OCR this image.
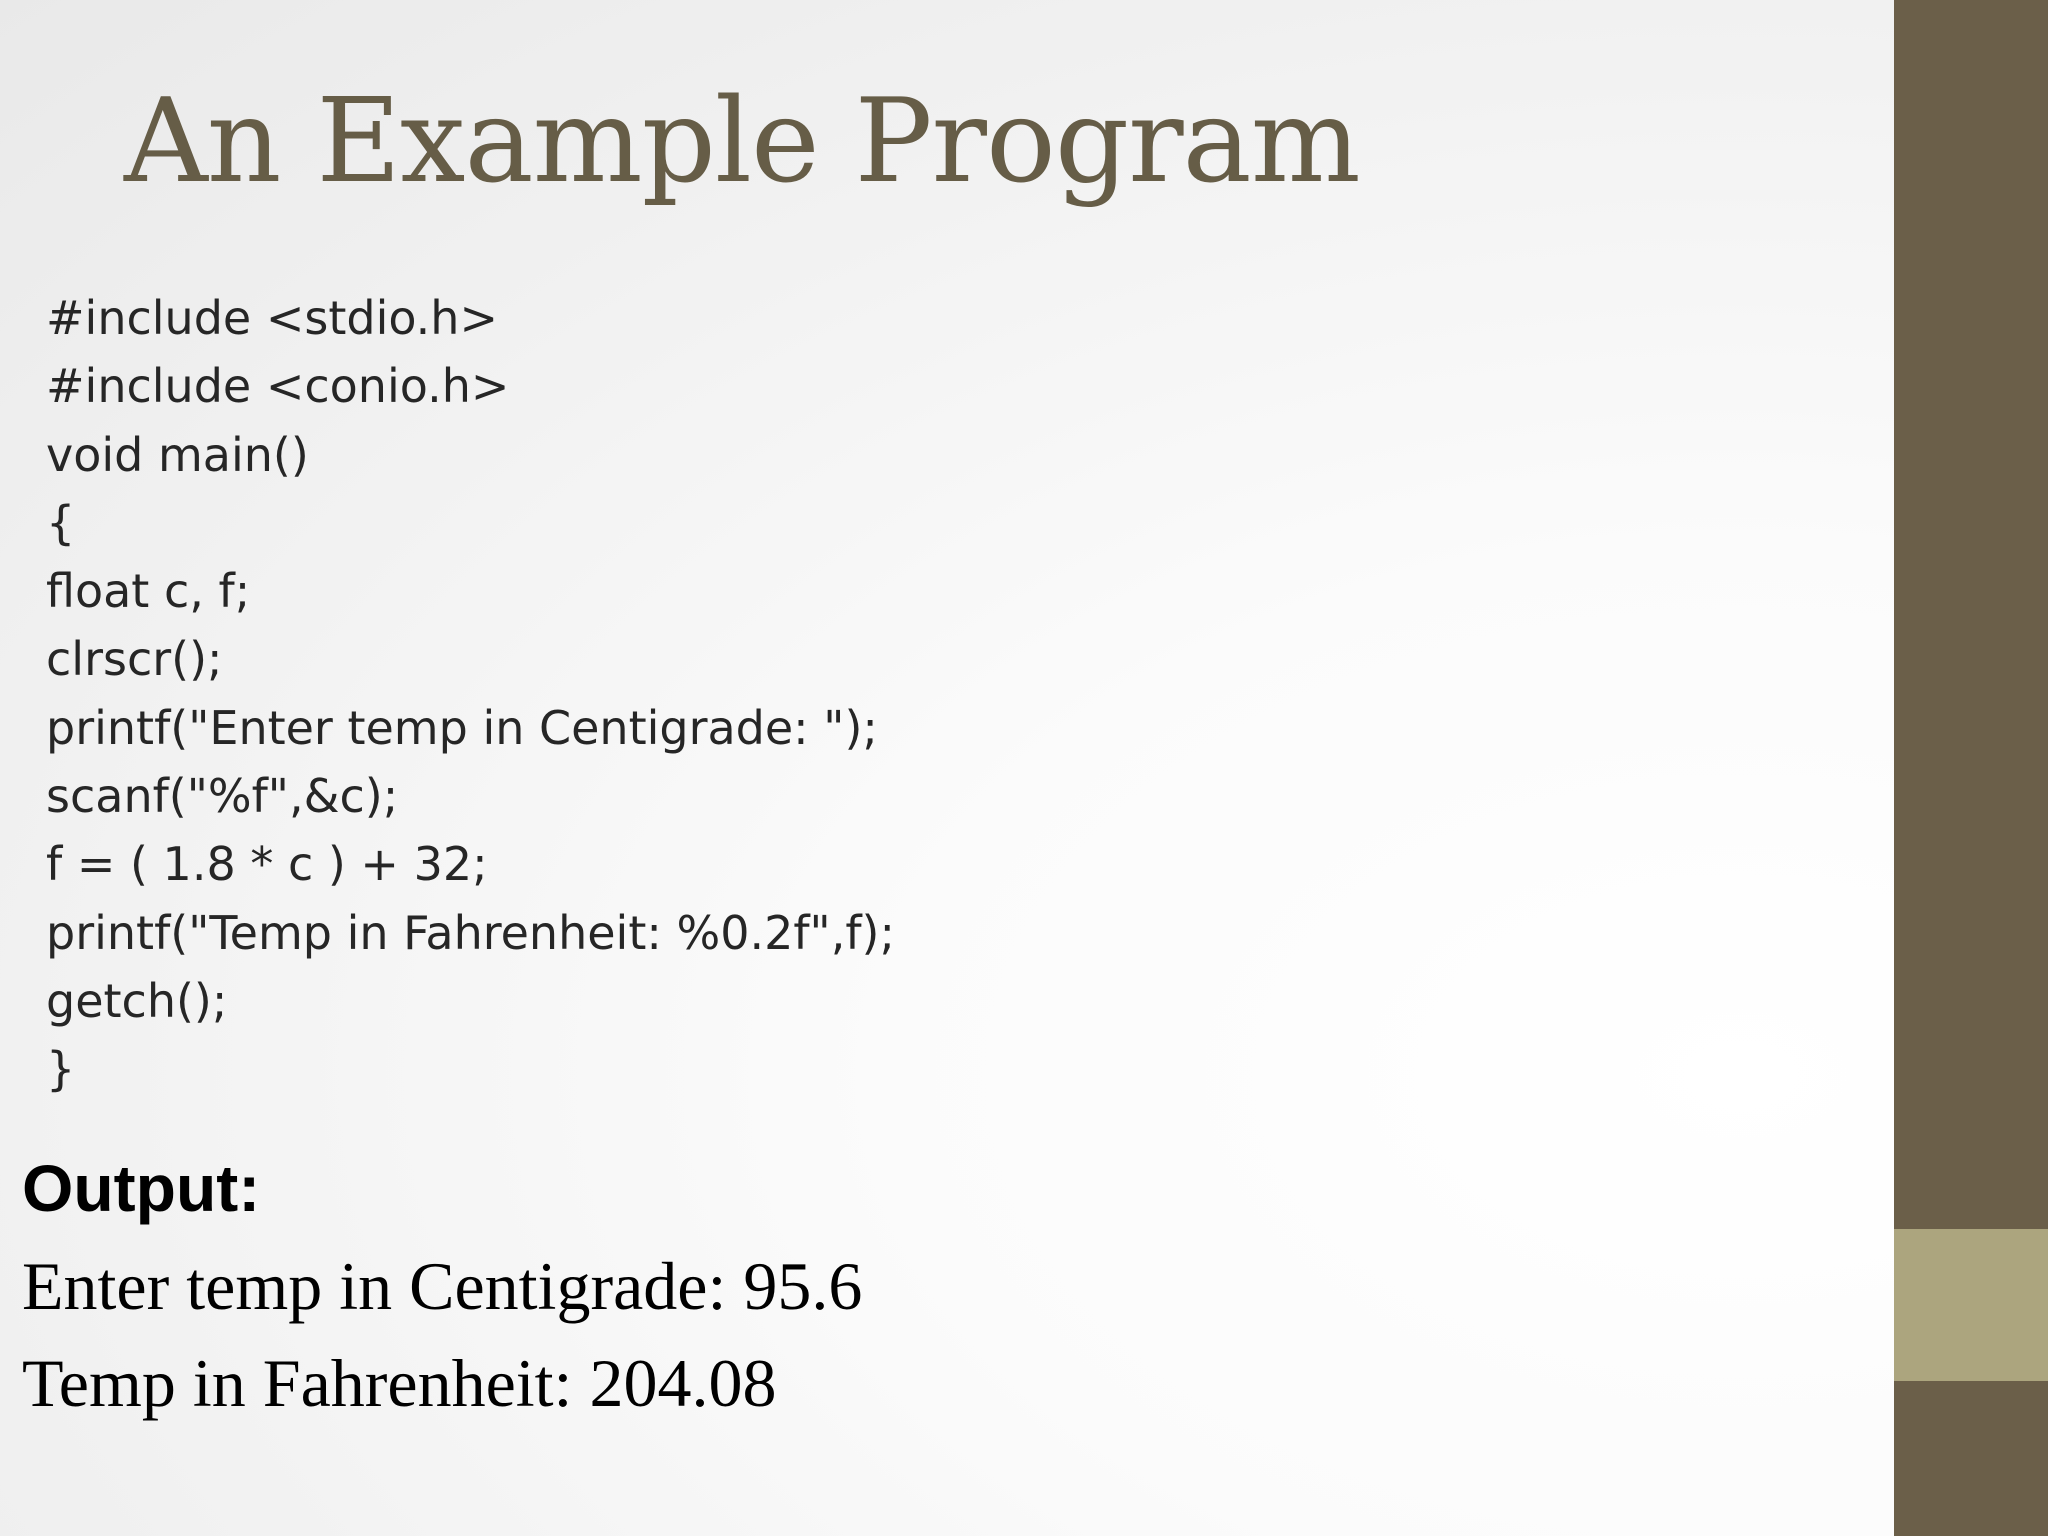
An Example Program
#include <stdio.h>
#include <conio.h>
void main()
{
float c, f;
clrscr();
printf("Enter temp in Centigrade: ");
scanf("%f",&c);
f = ( 1.8 * c ) + 32;
printf("Temp in Fahrenheit: %0.2f",f);
getch();
}
Output:

Enter temp in Centigrade: 95.6

Temp in Fahrenheit: 204.08
